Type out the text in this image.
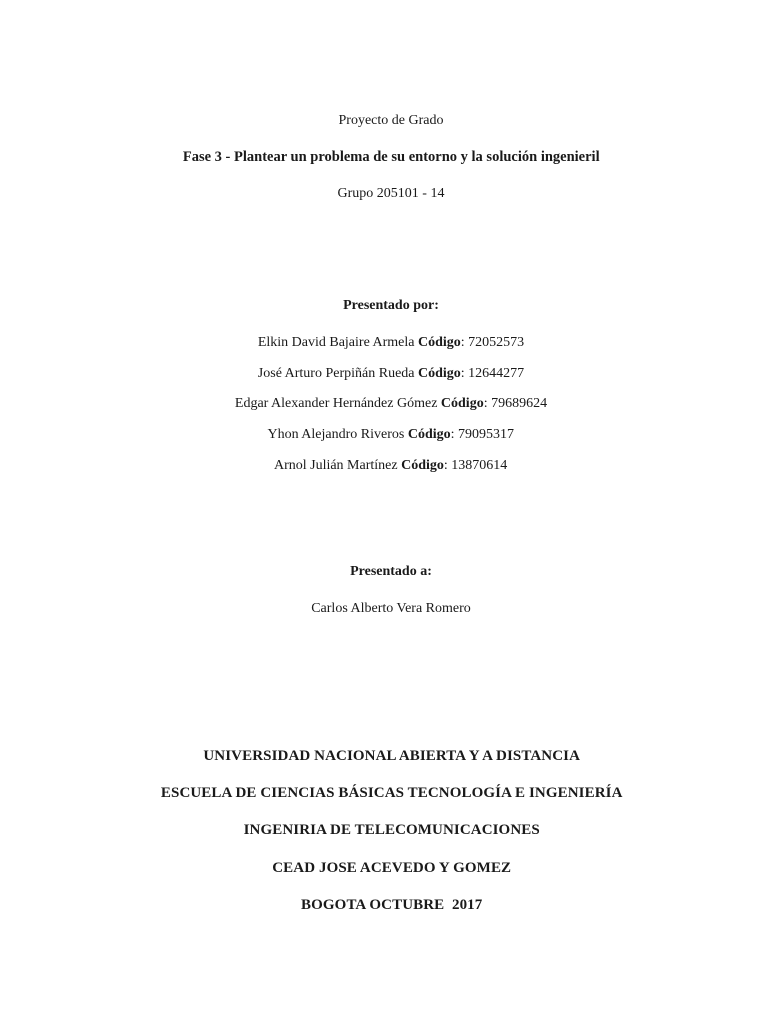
Proyecto de Grado

Fase 3 - Plantear un problema de su entorno y la solución ingenieril

Grupo 205101 - 14

Presentado por:

Elkin David Bajaire Armela Código: 72052573

José Arturo Perpiñán Rueda Código: 12644277

Edgar Alexander Hernández Gómez Código: 79689624

Yhon Alejandro Riveros Código: 79095317

Arnol Julián Martínez Código: 13870614

Presentado a:

Carlos Alberto Vera Romero

UNIVERSIDAD NACIONAL ABIERTA Y A DISTANCIA

ESCUELA DE CIENCIAS BÁSICAS TECNOLOGÍA E INGENIERÍA

INGENIRIA DE TELECOMUNICACIONES

CEAD JOSE ACEVEDO Y GOMEZ

BOGOTA OCTUBRE  2017
